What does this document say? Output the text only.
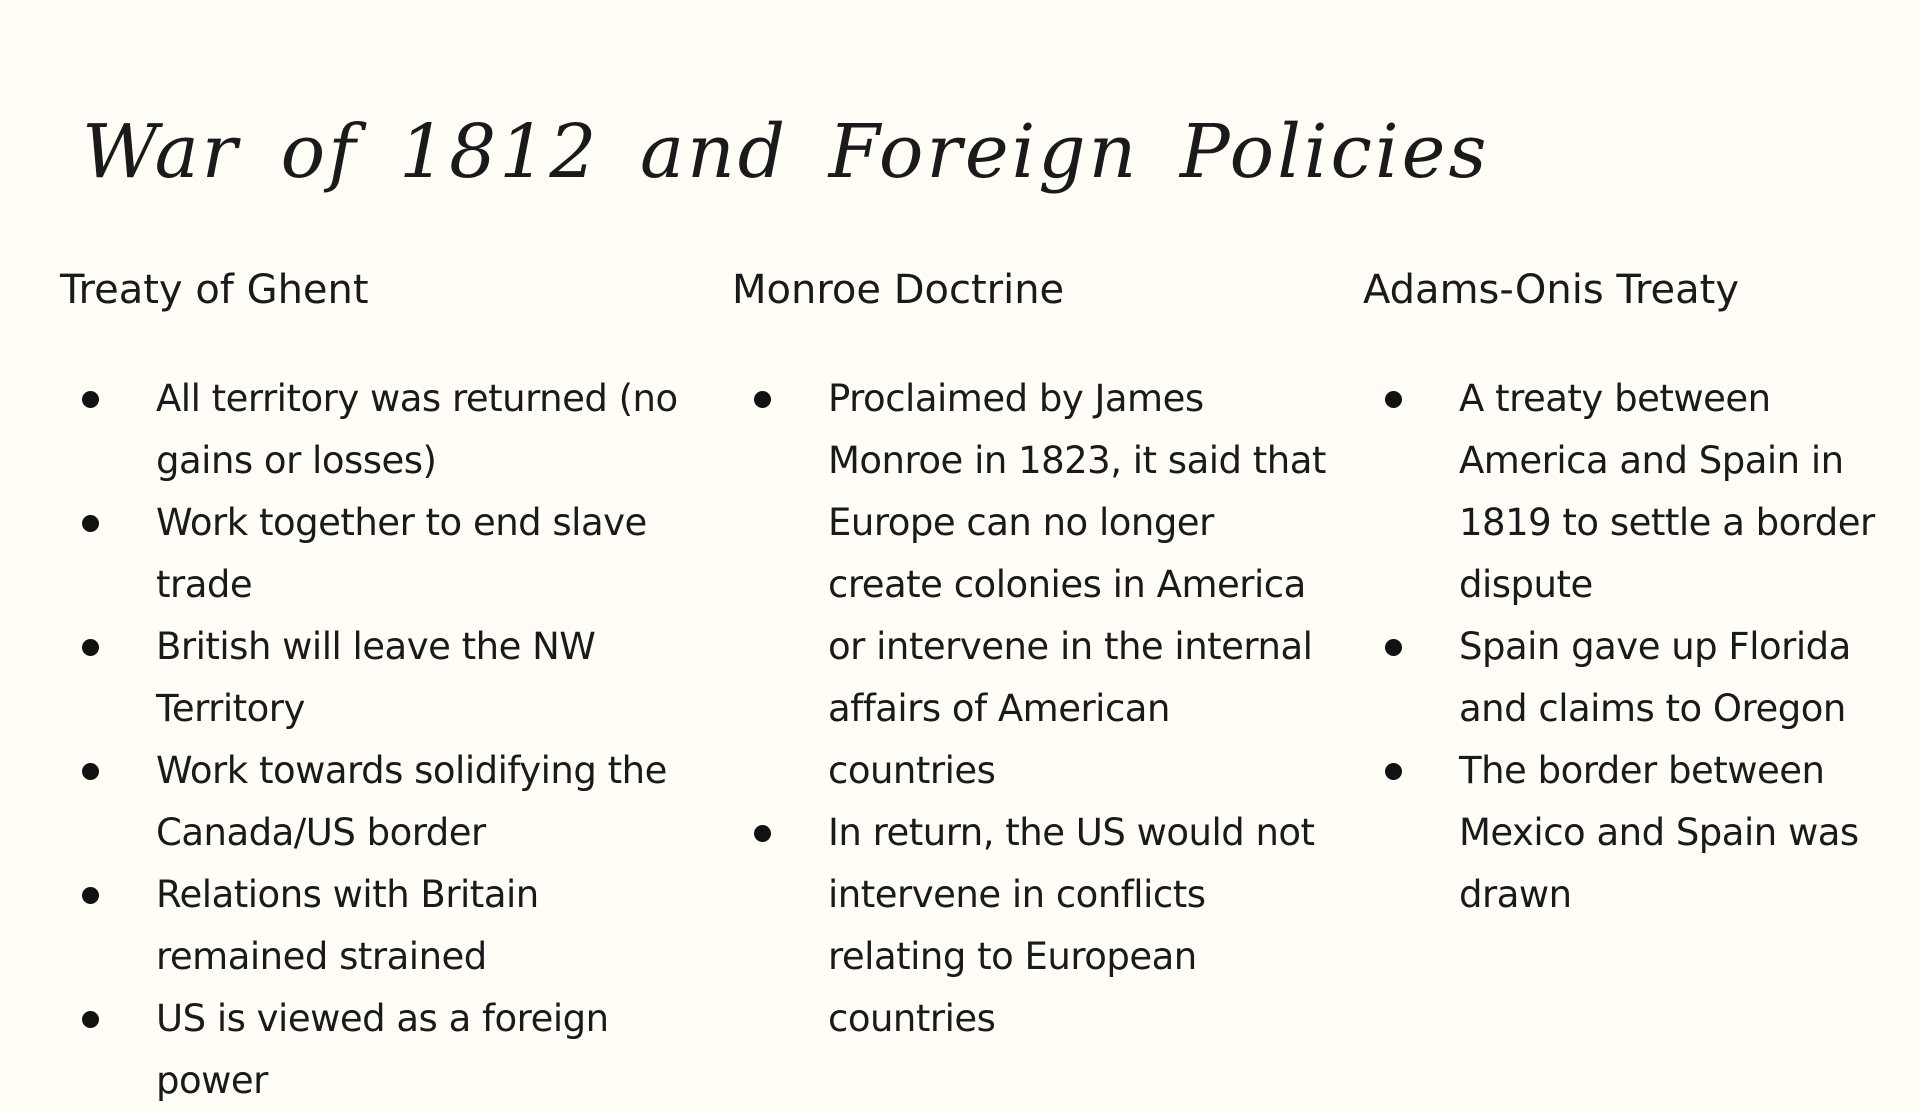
War of 1812 and Foreign Policies
Treaty of Ghent
All territory was returned (no gains or losses)
Work together to end slave trade
British will leave the NW Territory
Work towards solidifying the Canada/US border
Relations with Britain remained strained
US is viewed as a foreign power
Monroe Doctrine
Proclaimed by James Monroe in 1823, it said that Europe can no longer create colonies in America or intervene in the internal affairs of American countries
In return, the US would not intervene in conflicts relating to European countries
Adams-Onis Treaty
A treaty between America and Spain in 1819 to settle a border dispute
Spain gave up Florida and claims to Oregon
The border between Mexico and Spain was drawn
